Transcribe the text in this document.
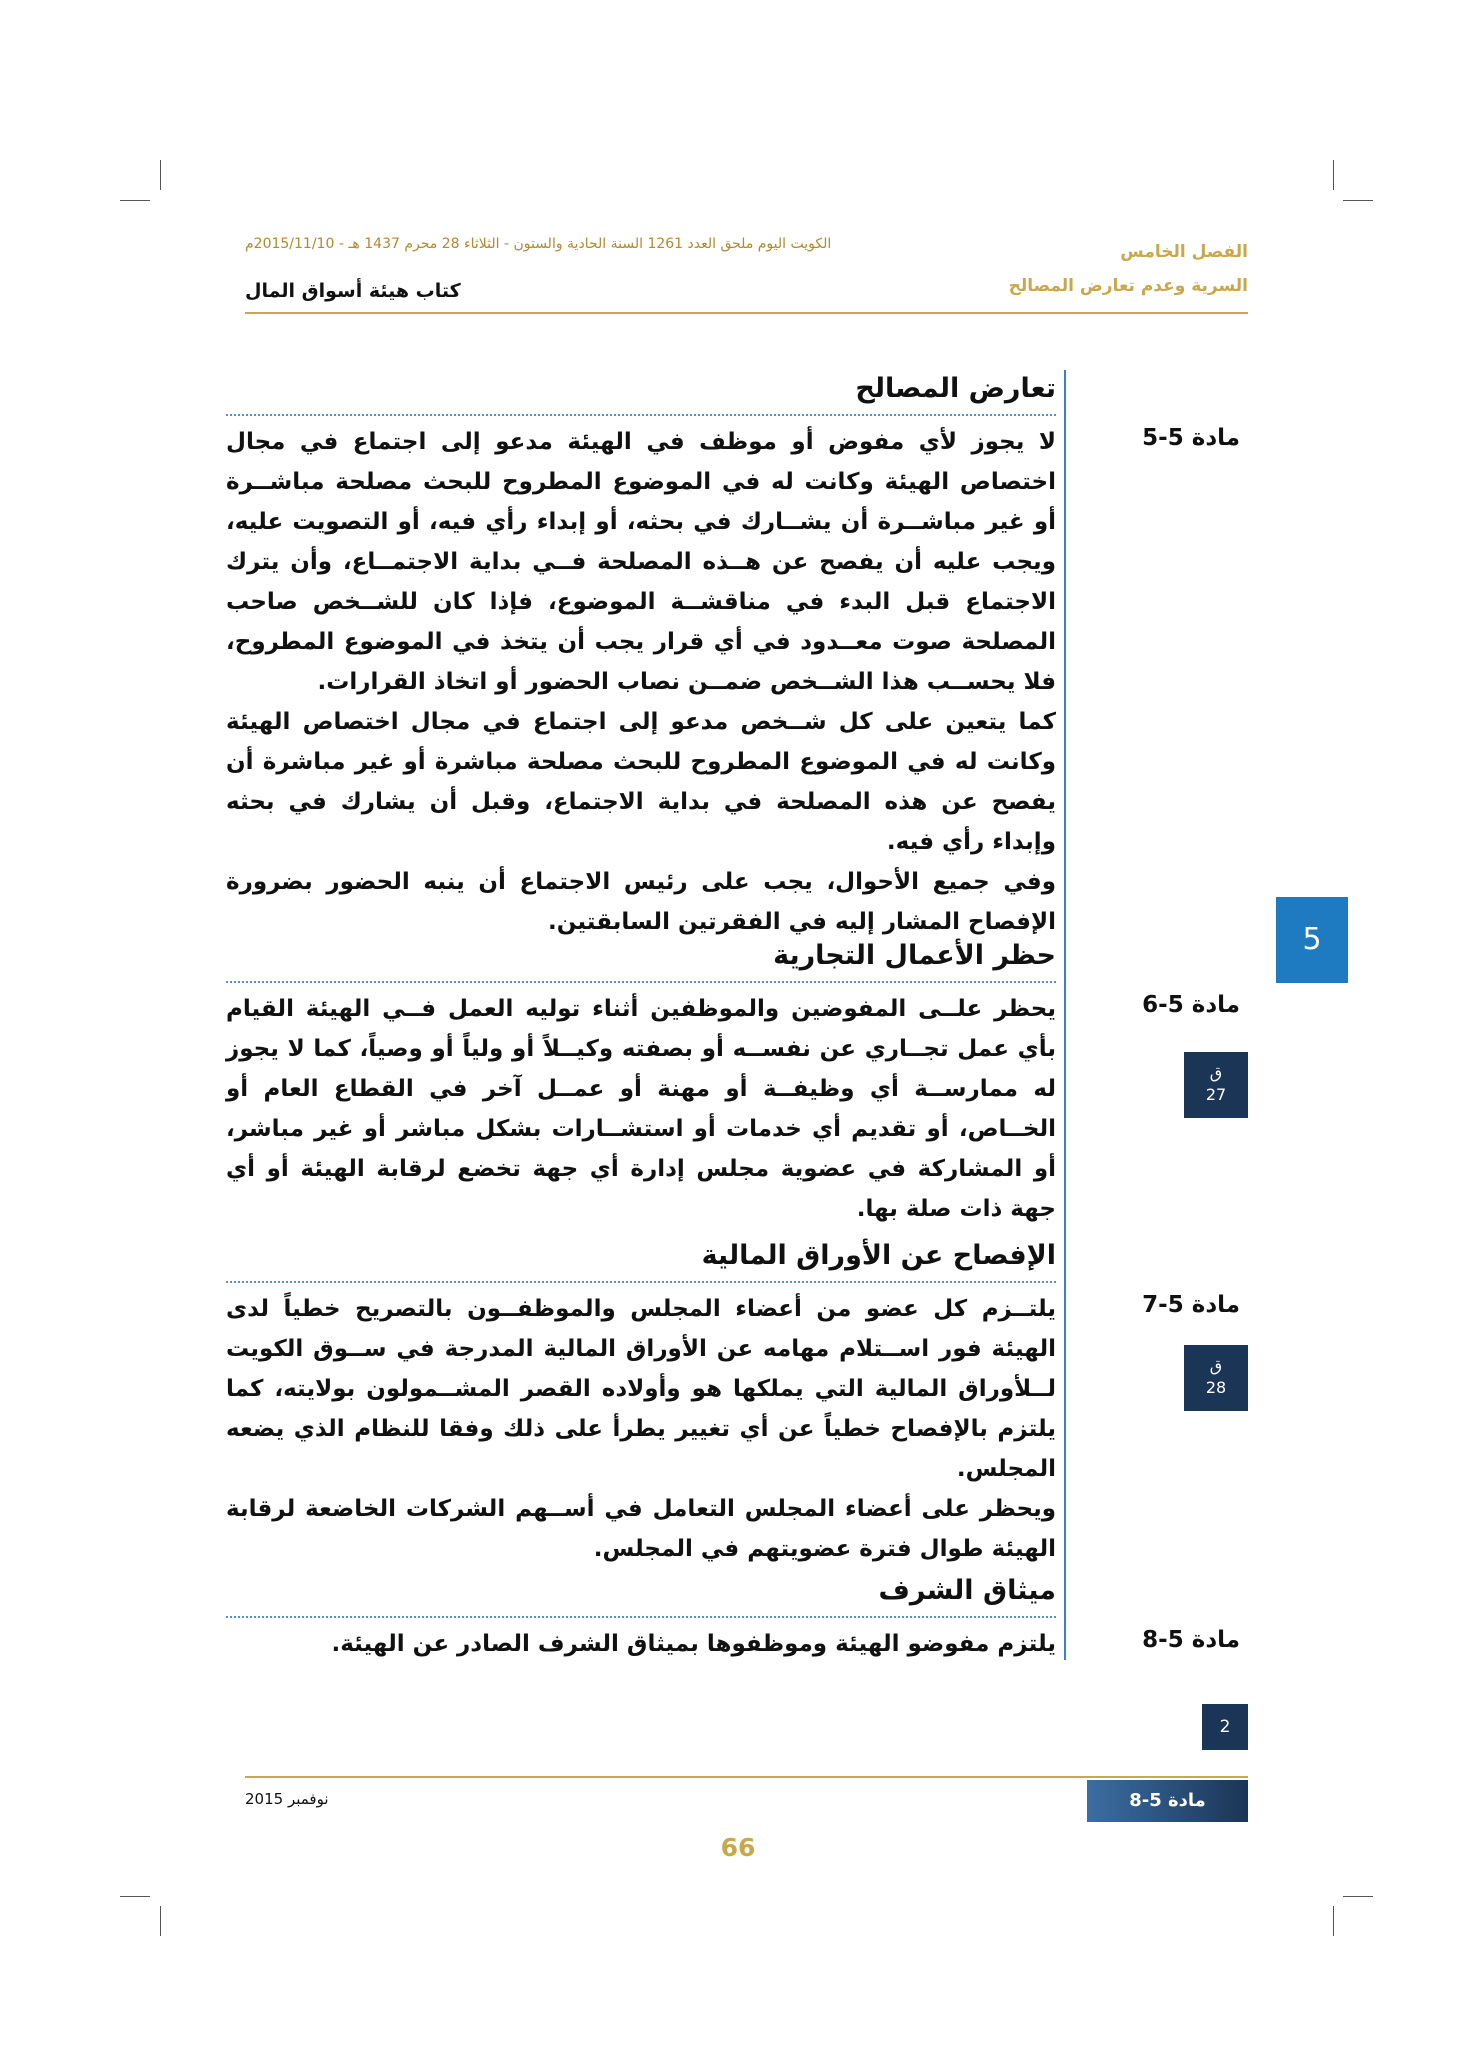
الكويت اليوم ملحق العدد 1261 السنة الحادية والستون - الثلاثاء 28 محرم 1437 هـ - 2015/11/10م	الفصل الخامس
السرية وعدم تعارض المصالح
كتاب هيئة أسواق المال
5
تعارض المصالح

لا يجوز لأي مفوض أو موظف في الهيئة مدعو إلى اجتماع في مجال اختصاص الهيئة وكانت له في الموضوع المطروح للبحث مصلحة مباشــرة أو غير مباشــرة أن يشــارك في بحثه، أو إبداء رأي فيه، أو التصويت عليه، ويجب عليه أن يفصح عن هــذه المصلحة فــي بداية الاجتمــاع، وأن يترك الاجتماع قبل البدء في مناقشــة الموضوع، فإذا كان للشــخص صاحب المصلحة صوت معــدود في أي قرار يجب أن يتخذ في الموضوع المطروح، فلا يحســب هذا الشــخص ضمــن نصاب الحضور أو اتخاذ القرارات.

كما يتعين على كل شــخص مدعو إلى اجتماع في مجال اختصاص الهيئة وكانت له في الموضوع المطروح للبحث مصلحة مباشرة أو غير مباشرة أن يفصح عن هذه المصلحة في بداية الاجتماع، وقبل أن يشارك في بحثه وإبداء رأي فيه.

وفي جميع الأحوال، يجب على رئيس الاجتماع أن ينبه الحضور بضرورة الإفصاح المشار إليه في الفقرتين السابقتين.

مادة 5-5
حظر الأعمال التجارية

يحظر علــى المفوضين والموظفين أثناء توليه العمل فــي الهيئة القيام بأي عمل تجــاري عن نفســه أو بصفته وكيــلاً أو ولياً أو وصياً، كما لا يجوز له ممارســة أي وظيفــة أو مهنة أو عمــل آخر في القطاع العام أو الخــاص، أو تقديم أي خدمات أو استشــارات بشكل مباشر أو غير مباشر، أو المشاركة في عضوية مجلس إدارة أي جهة تخضع لرقابة الهيئة أو أي جهة ذات صلة بها.

مادة 5-6
ق
27
الإفصاح عن الأوراق المالية

يلتــزم كل عضو من أعضاء المجلس والموظفــون بالتصريح خطياً لدى الهيئة فور اســتلام مهامه عن الأوراق المالية المدرجة في ســوق الكويت لــلأوراق المالية التي يملكها هو وأولاده القصر المشــمولون بولايته، كما يلتزم بالإفصاح خطياً عن أي تغيير يطرأ على ذلك وفقا للنظام الذي يضعه المجلس.

ويحظر على أعضاء المجلس التعامل في أســهم الشركات الخاضعة لرقابة الهيئة طوال فترة عضويتهم في المجلس.

مادة 5-7
ق
28
ميثاق الشرف

يلتزم مفوضو الهيئة وموظفوها بميثاق الشرف الصادر عن الهيئة.	مادة 5-8
2
مادة 5-8
نوفمبر 2015
66
